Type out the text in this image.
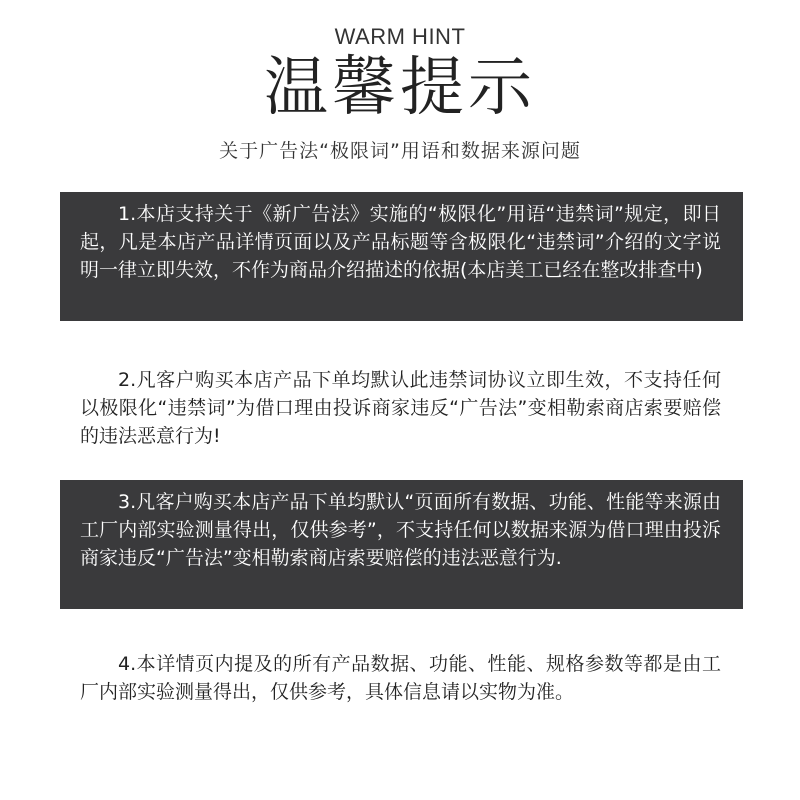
WARM HINT
温馨提示
关于广告法“极限词”用语和数据来源问题

1.本店支持关于《新广告法》实施的“极限化”用语“违禁词”规定，即日起，凡是本店产品详情页面以及产品标题等含极限化“违禁词”介绍的文字说明一律立即失效，不作为商品介绍描述的依据(本店美工已经在整改排查中)

2.凡客户购买本店产品下单均默认此违禁词协议立即生效，不支持任何以极限化“违禁词”为借口理由投诉商家违反“广告法”变相勒索商店索要赔偿的违法恶意行为!

3.凡客户购买本店产品下单均默认“页面所有数据、功能、性能等来源由工厂内部实验测量得出，仅供参考”，不支持任何以数据来源为借口理由投泝商家违反“广告法”变相勒索商店索要赔偿的违法恶意行为.

4.本详情页内提及的所有产品数据、功能、性能、规格参数等都是由工厂内部实验测量得出，仅供参考，具体信息请以实物为准。
